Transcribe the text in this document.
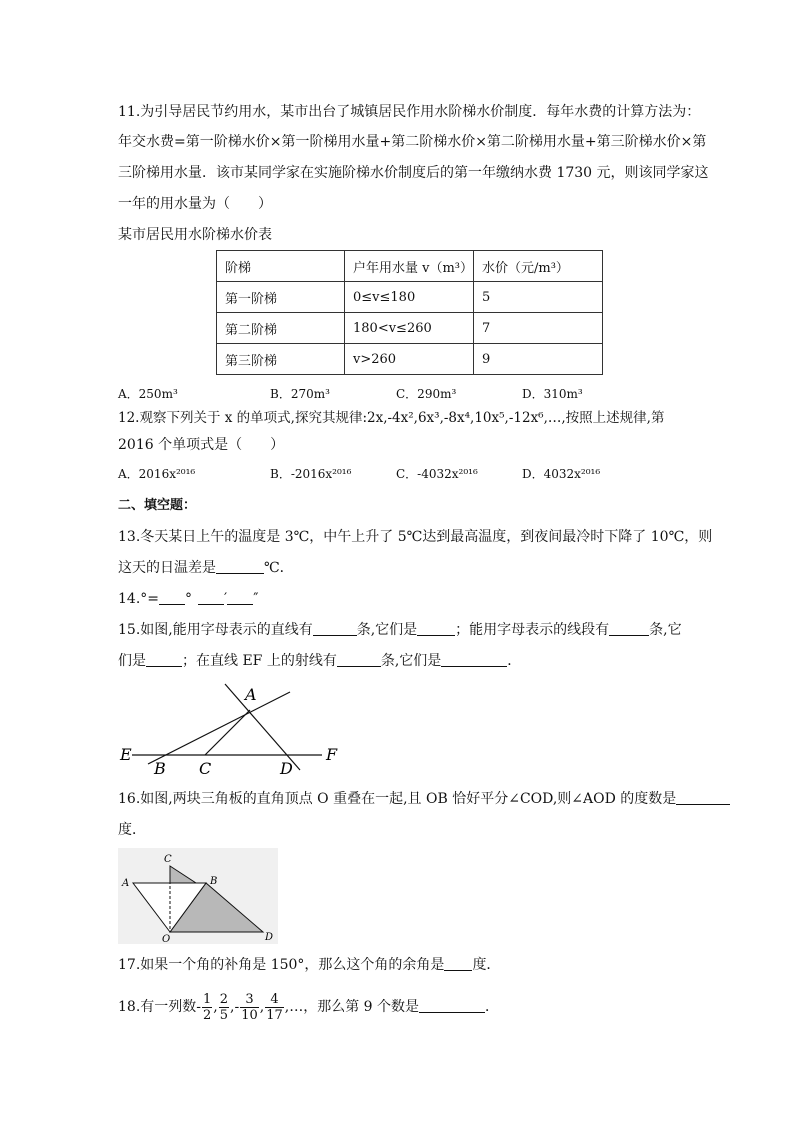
11.为引导居民节约用水，某市出台了城镇居民作用水阶梯水价制度．每年水费的计算方法为：
年交水费=第一阶梯水价×第一阶梯用水量+第二阶梯水价×第二阶梯用水量+第三阶梯水价×第
三阶梯用水量．该市某同学家在实施阶梯水价制度后的第一年缴纳水费 1730 元，则该同学家这
一年的用水量为（　　）
某市居民用水阶梯水价表
阶梯	户年用水量 v（m³）	水价（元/m³）
第一阶梯	0≤v≤180	5
第二阶梯	180<v≤260	7
第三阶梯	v>260	9
A．250m³	B．270m³	C．290m³	D．310m³
12.观察下列关于 x 的单项式,探究其规律:2x,-4x²,6x³,-8x⁴,10x⁵,-12x⁶,…,按照上述规律,第
2016 个单项式是（　　）
A．2016x²⁰¹⁶	B．-2016x²⁰¹⁶	C．-4032x²⁰¹⁶	D．4032x²⁰¹⁶
二、填空题：
13.冬天某日上午的温度是 3℃，中午上升了 5℃达到最高温度，到夜间最冷时下降了 10℃，则
这天的日温差是	℃．
14.°= ° ′ ″
15.如图,能用字母表示的直线有	条,它们是	；能用字母表示的线段有	条,它
们是	；在直线 EF 上的射线有	条,它们是	．
A
B C	D
E	F
16.如图,两块三角板的直角顶点 O 重叠在一起,且 OB 恰好平分∠COD,则∠AOD 的度数是
度．
C
A	B
O	D
17.如果一个角的补角是 150°，那么这个角的余角是 度．
18.有一列数- $\frac{1}{2}$ , $\frac{2}{5}$ ,- $\frac{3}{10}$ , $\frac{4}{17}$ ,…，那么第 9 个数是	．
